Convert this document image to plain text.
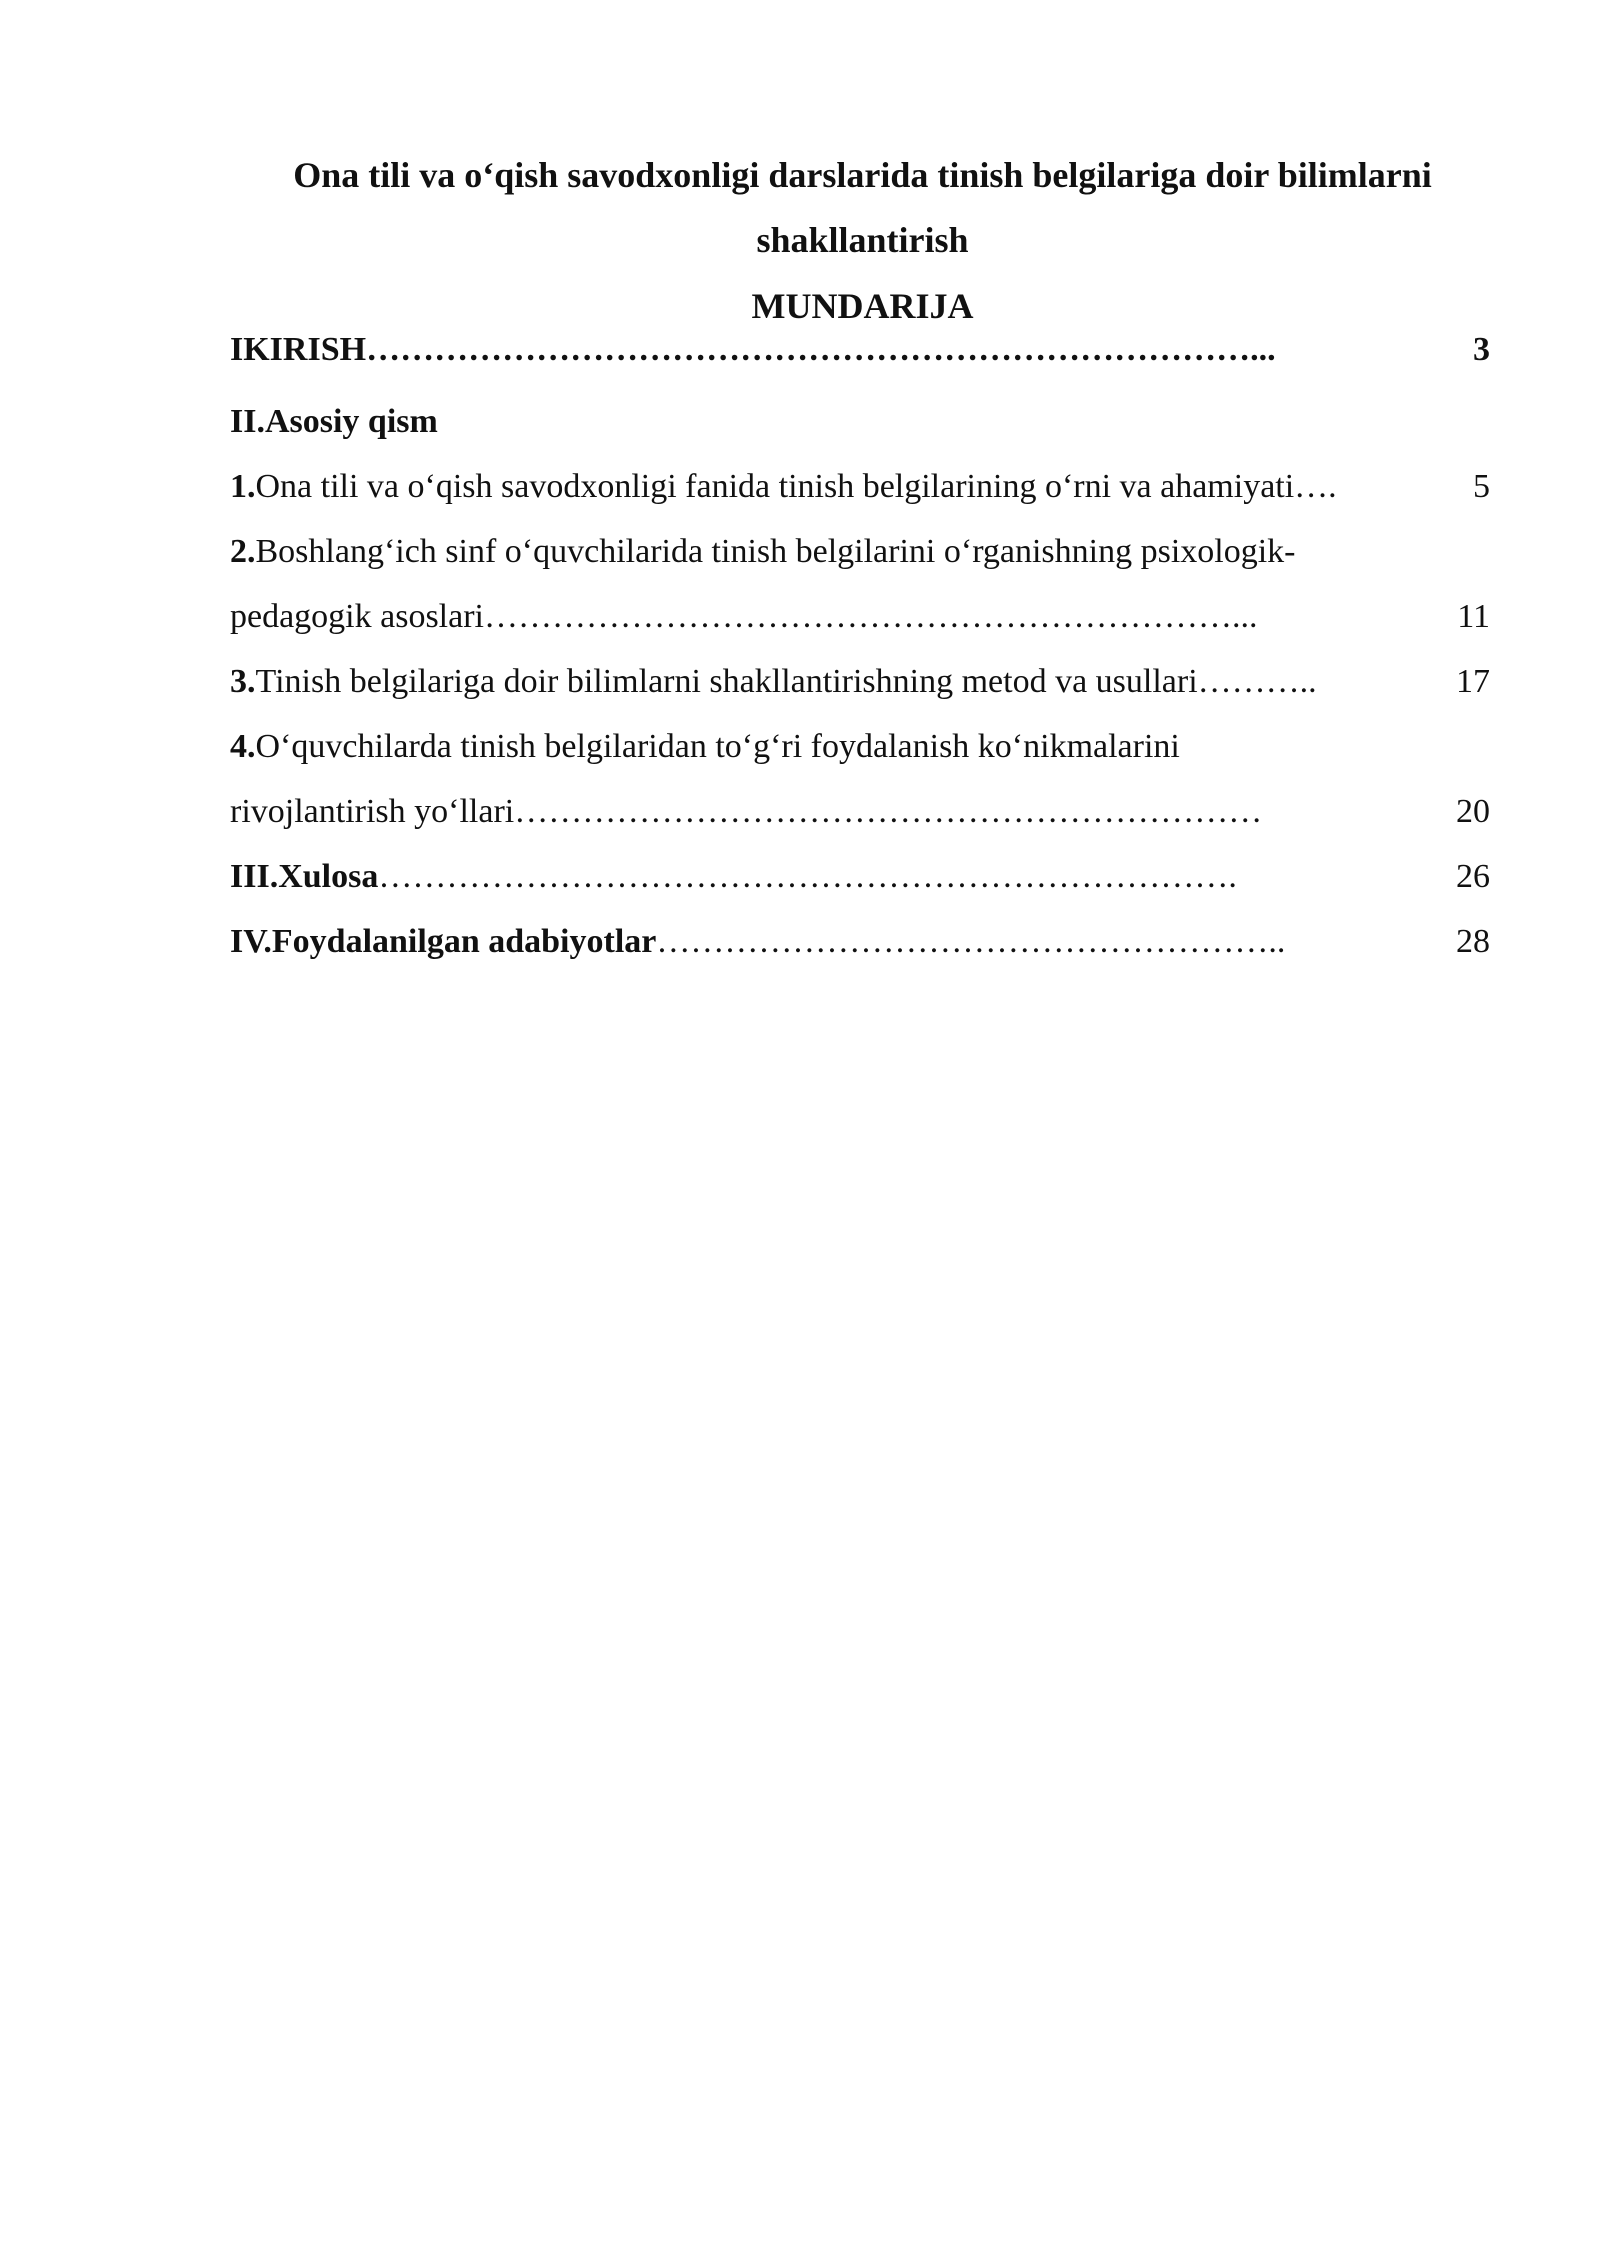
Ona tili va o‘qish savodxonligi darslarida tinish belgilariga doir bilimlarni
shakllantirish
MUNDARIJA
IKIRISH ……………………………………………………………………...	3
II.Asosiy qism
1. Ona tili va o‘qish savodxonligi fanida tinish belgilarining o‘rni va ahamiyati….	5
2. Boshlang‘ich sinf o‘quvchilarida tinish belgilarini o‘rganishning psixologik-
pedagogik asoslari …………………………………………………………...	11
3. Tinish belgilariga doir bilimlarni shakllantirishning metod va usullari………..	17
4. O‘quvchilarda tinish belgilaridan to‘g‘ri foydalanish ko‘nikmalarini
rivojlantirish yo‘llari …………………………………………………………	20
III.Xulosa ………………………………………………………………….	26
IV.Foydalanilgan adabiyotlar ………………………………………………..	28
